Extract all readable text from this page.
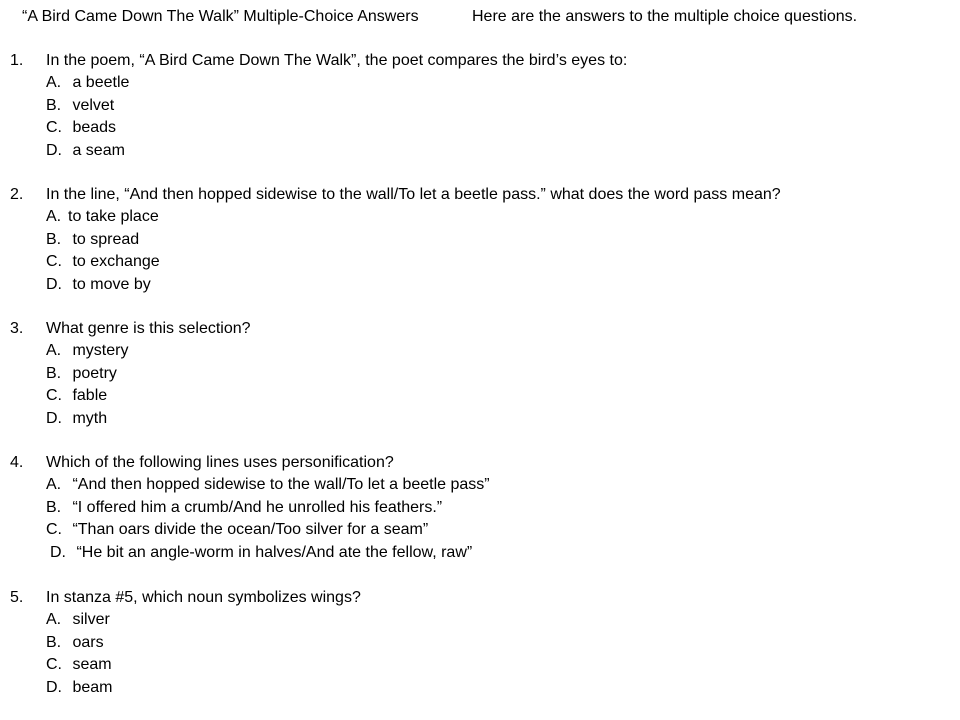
“A Bird Came Down The Walk” Multiple-Choice Answers	Here are the answers to the multiple choice questions.
1. In the poem, “A Bird Came Down The Walk”, the poet compares the bird’s eyes to:
A. a beetle
B. velvet
C. beads
D. a seam
2. In the line, “And then hopped sidewise to the wall/To let a beetle pass.” what does the word pass mean?
A. to take place
B. to spread
C. to exchange
D. to move by
3. What genre is this selection?
A. mystery
B. poetry
C. fable
D. myth
4. Which of the following lines uses personification?
A. “And then hopped sidewise to the wall/To let a beetle pass”
B. “I offered him a crumb/And he unrolled his feathers.”
C. “Than oars divide the ocean/Too silver for a seam”
D. “He bit an angle-worm in halves/And ate the fellow, raw”
5. In stanza #5, which noun symbolizes wings?
A. silver
B. oars
C. seam
D. beam
